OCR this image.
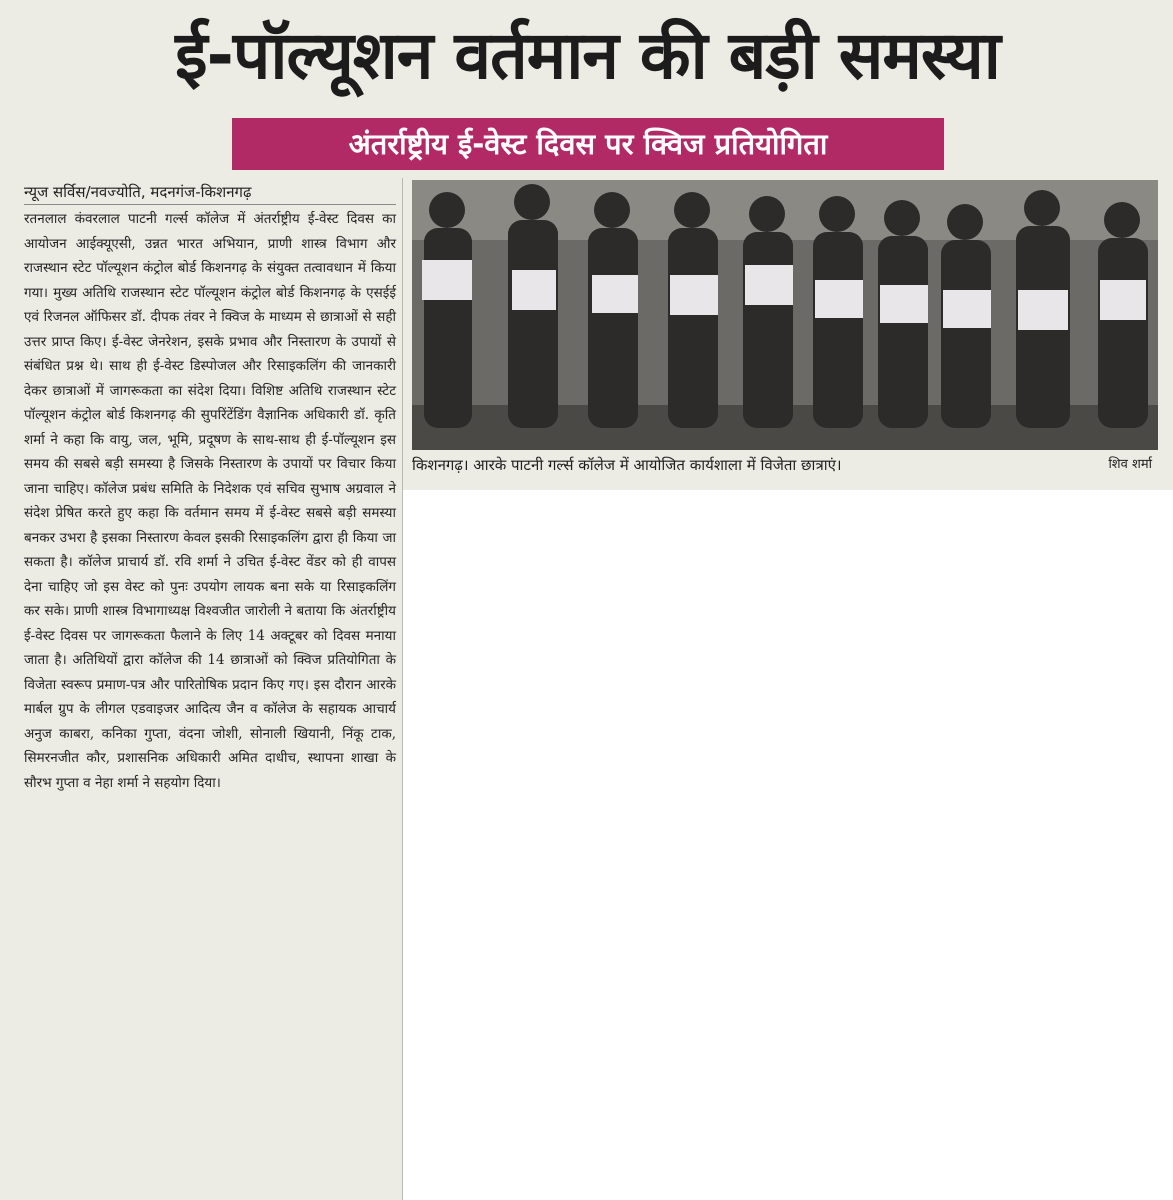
ई-पॉल्यूशन वर्तमान की बड़ी समस्या
अंतर्राष्ट्रीय ई-वेस्ट दिवस पर क्विज प्रतियोगिता
न्यूज सर्विस/नवज्योति, मदनगंज-किशनगढ़
रतनलाल कंवरलाल पाटनी गर्ल्स कॉलेज में अंतर्राष्ट्रीय ई-वेस्ट दिवस का आयोजन आईक्यूएसी, उन्नत भारत अभियान, प्राणी शास्त्र विभाग और राजस्थान स्टेट पॉल्यूशन कंट्रोल बोर्ड किशनगढ़ के संयुक्त तत्वावधान में किया गया। मुख्य अतिथि राजस्थान स्टेट पॉल्यूशन कंट्रोल बोर्ड किशनगढ़ के एसईई एवं रिजनल ऑफिसर डॉ. दीपक तंवर ने क्विज के माध्यम से छात्राओं से सही उत्तर प्राप्त किए। ई-वेस्ट जेनरेशन, इसके प्रभाव और निस्तारण के उपायों से संबंधित प्रश्न थे। साथ ही ई-वेस्ट डिस्पोजल और रिसाइकलिंग की जानकारी देकर छात्राओं में जागरूकता का संदेश दिया। विशिष्ट अतिथि राजस्थान स्टेट पॉल्यूशन कंट्रोल बोर्ड किशनगढ़ की सुपरिंटेंडिंग वैज्ञानिक अधिकारी डॉ. कृति शर्मा ने कहा कि वायु, जल, भूमि, प्रदूषण के साथ-साथ ही ई-पॉल्यूशन इस समय की सबसे बड़ी समस्या है जिसके निस्तारण के उपायों पर विचार किया जाना चाहिए। कॉलेज प्रबंध समिति के निदेशक एवं सचिव सुभाष अग्रवाल ने संदेश प्रेषित करते हुए कहा कि वर्तमान समय में ई-वेस्ट सबसे बड़ी समस्या बनकर उभरा है इसका निस्तारण केवल इसकी रिसाइकलिंग द्वारा ही किया जा सकता है। कॉलेज प्राचार्य डॉ. रवि शर्मा ने उचित ई-वेस्ट वेंडर को ही वापस देना चाहिए जो इस वेस्ट को पुनः उपयोग लायक बना सके या रिसाइकलिंग कर सके। प्राणी शास्त्र विभागाध्यक्ष विश्वजीत जारोली ने बताया कि अंतर्राष्ट्रीय ई-वेस्ट दिवस पर जागरूकता फैलाने के लिए 14 अक्टूबर को दिवस मनाया जाता है। अतिथियों द्वारा कॉलेज की 14 छात्राओं को क्विज प्रतियोगिता के विजेता स्वरूप प्रमाण-पत्र और पारितोषिक प्रदान किए गए। इस दौरान आरके मार्बल ग्रुप के लीगल एडवाइजर आदित्य जैन व कॉलेज के सहायक आचार्य अनुज काबरा, कनिका गुप्ता, वंदना जोशी, सोनाली खियानी, निंकू टाक, सिमरनजीत कौर, प्रशासनिक अधिकारी अमित दाधीच, स्थापना शाखा के सौरभ गुप्ता व नेहा शर्मा ने सहयोग दिया।
किशनगढ़। आरके पाटनी गर्ल्स कॉलेज में आयोजित कार्यशाला में विजेता छात्राएं।	शिव शर्मा
